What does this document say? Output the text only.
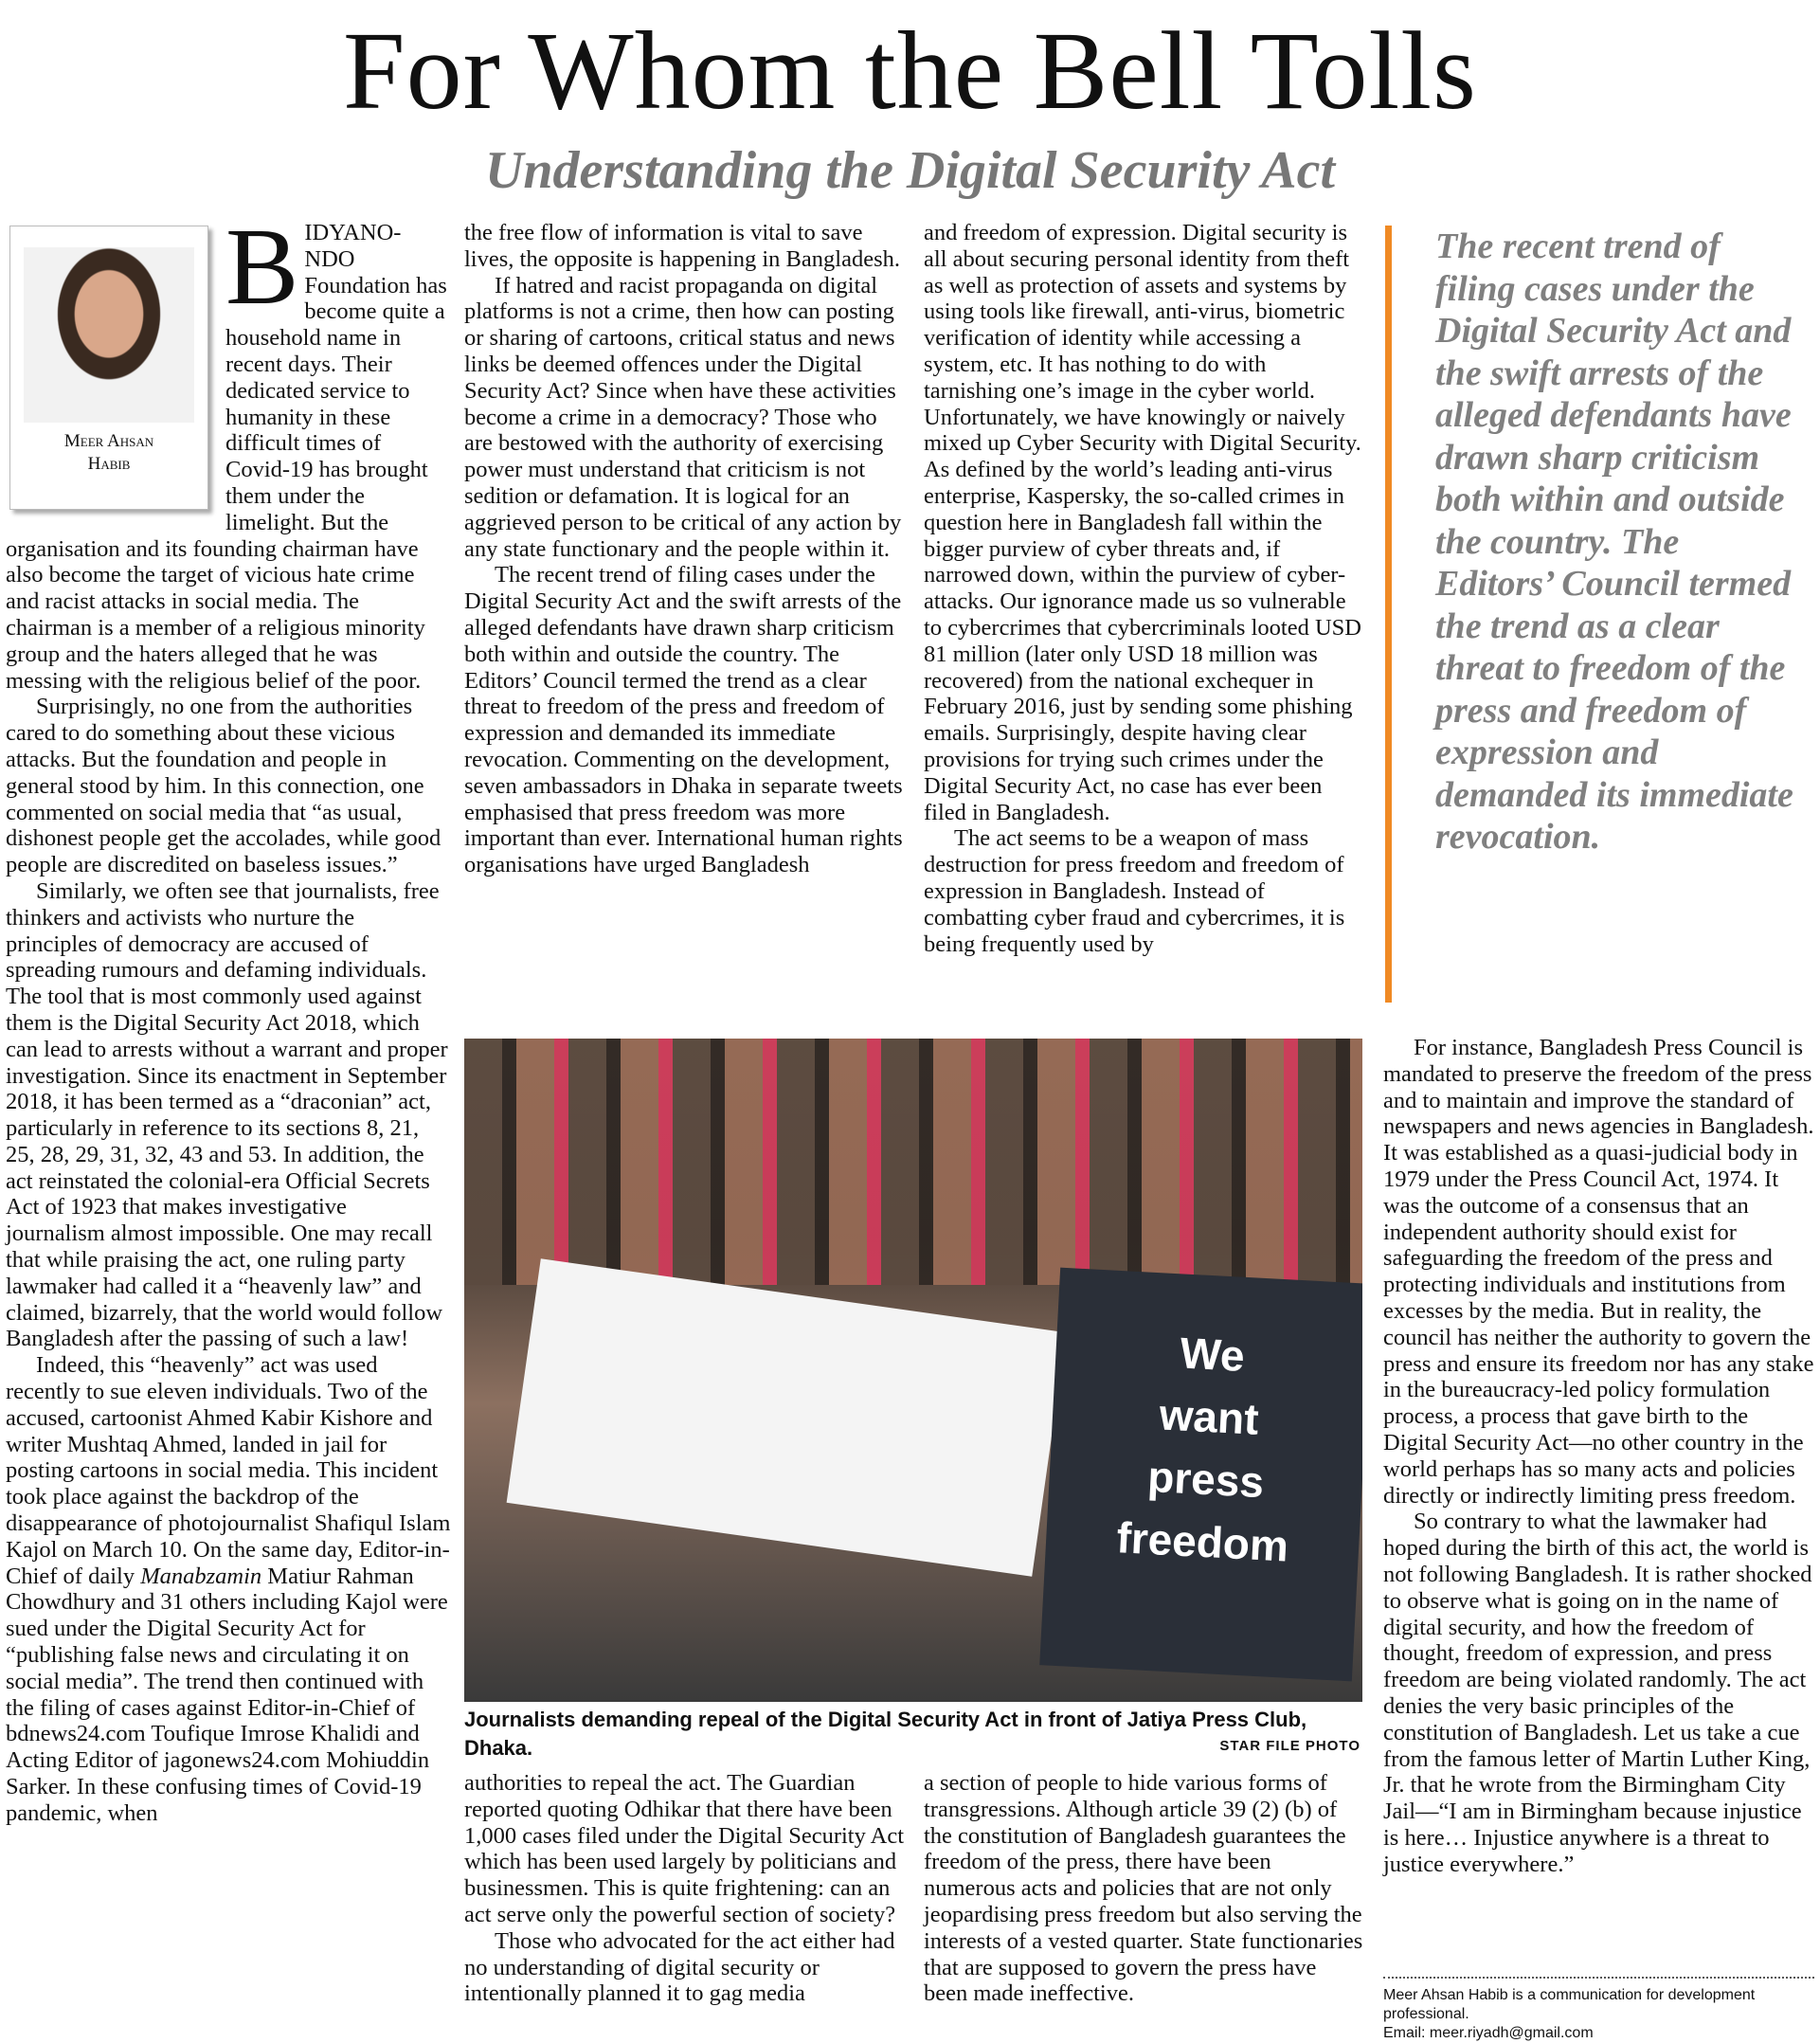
For Whom the Bell Tolls
Understanding the Digital Security Act
Meer Ahsan
Habib

BIDYANO- NDO Foundation has become quite a household name in recent days. Their dedicated service to humanity in these difficult times of Covid-19 has brought them under the limelight. But the organisation and its founding chairman have also become the target of vicious hate crime and racist attacks in social media. The chairman is a member of a religious minority group and the haters alleged that he was messing with the religious belief of the poor.

Surprisingly, no one from the authorities cared to do something about these vicious attacks. But the foundation and people in general stood by him. In this connection, one commented on social media that “as usual, dishonest people get the accolades, while good people are discredited on baseless issues.”

Similarly, we often see that journalists, free thinkers and activists who nurture the principles of democracy are accused of spreading rumours and defaming individuals. The tool that is most commonly used against them is the Digital Security Act 2018, which can lead to arrests without a warrant and proper investigation. Since its enactment in September 2018, it has been termed as a “draconian” act, particularly in reference to its sections 8, 21, 25, 28, 29, 31, 32, 43 and 53. In addition, the act reinstated the colonial-era Official Secrets Act of 1923 that makes investigative journalism almost impossible. One may recall that while praising the act, one ruling party lawmaker had called it a “heavenly law” and claimed, bizarrely, that the world would follow Bangladesh after the passing of such a law!

Indeed, this “heavenly” act was used recently to sue eleven individuals. Two of the accused, cartoonist Ahmed Kabir Kishore and writer Mushtaq Ahmed, landed in jail for posting cartoons in social media. This incident took place against the backdrop of the disappearance of photojournalist Shafiqul Islam Kajol on March 10. On the same day, Editor-in-Chief of daily Manabzamin Matiur Rahman Chowdhury and 31 others including Kajol were sued under the Digital Security Act for “publishing false news and circulating it on social media”. The trend then continued with the filing of cases against Editor-in-Chief of bdnews24.com Toufique Imrose Khalidi and Acting Editor of jagonews24.com Mohiuddin Sarker. In these confusing times of Covid-19 pandemic, when

the free flow of information is vital to save lives, the opposite is happening in Bangladesh.

If hatred and racist propaganda on digital platforms is not a crime, then how can posting or sharing of cartoons, critical status and news links be deemed offences under the Digital Security Act? Since when have these activities become a crime in a democracy? Those who are bestowed with the authority of exercising power must understand that criticism is not sedition or defamation. It is logical for an aggrieved person to be critical of any action by any state functionary and the people within it.

The recent trend of filing cases under the Digital Security Act and the swift arrests of the alleged defendants have drawn sharp criticism both within and outside the country. The Editors’ Council termed the trend as a clear threat to freedom of the press and freedom of expression and demanded its immediate revocation. Commenting on the development, seven ambassadors in Dhaka in separate tweets emphasised that press freedom was more important than ever. International human rights organisations have urged Bangladesh

and freedom of expression. Digital security is all about securing personal identity from theft as well as protection of assets and systems by using tools like firewall, anti-virus, biometric verification of identity while accessing a system, etc. It has nothing to do with tarnishing one’s image in the cyber world. Unfortunately, we have knowingly or naively mixed up Cyber Security with Digital Security. As defined by the world’s leading anti-virus enterprise, Kaspersky, the so-called crimes in question here in Bangladesh fall within the bigger purview of cyber threats and, if narrowed down, within the purview of cyber-attacks. Our ignorance made us so vulnerable to cybercrimes that cybercriminals looted USD 81 million (later only USD 18 million was recovered) from the national exchequer in February 2016, just by sending some phishing emails. Surprisingly, despite having clear provisions for trying such crimes under the Digital Security Act, no case has ever been filed in Bangladesh.

The act seems to be a weapon of mass destruction for press freedom and freedom of expression in Bangladesh. Instead of combatting cyber fraud and cybercrimes, it is being frequently used by

The recent trend of filing cases under the Digital Security Act and the swift arrests of the alleged defendants have drawn sharp criticism both within and outside the country. The Editors’ Council termed the trend as a clear threat to freedom of the press and freedom of expression and demanded its immediate revocation.
We
want
press
freedom
Journalists demanding repeal of the Digital Security Act in front of Jatiya Press Club, Dhaka.	STAR FILE PHOTO

authorities to repeal the act. The Guardian reported quoting Odhikar that there have been 1,000 cases filed under the Digital Security Act which has been used largely by politicians and businessmen. This is quite frightening: can an act serve only the powerful section of society?

Those who advocated for the act either had no understanding of digital security or intentionally planned it to gag media

a section of people to hide various forms of transgressions. Although article 39 (2) (b) of the constitution of Bangladesh guarantees the freedom of the press, there have been numerous acts and policies that are not only jeopardising press freedom but also serving the interests of a vested quarter. State functionaries that are supposed to govern the press have been made ineffective.

For instance, Bangladesh Press Council is mandated to preserve the freedom of the press and to maintain and improve the standard of newspapers and news agencies in Bangladesh. It was established as a quasi-judicial body in 1979 under the Press Council Act, 1974. It was the outcome of a consensus that an independent authority should exist for safeguarding the freedom of the press and protecting individuals and institutions from excesses by the media. But in reality, the council has neither the authority to govern the press and ensure its freedom nor has any stake in the bureaucracy-led policy formulation process, a process that gave birth to the Digital Security Act—no other country in the world perhaps has so many acts and policies directly or indirectly limiting press freedom.

So contrary to what the lawmaker had hoped during the birth of this act, the world is not following Bangladesh. It is rather shocked to observe what is going on in the name of digital security, and how the freedom of thought, freedom of expression, and press freedom are being violated randomly. The act denies the very basic principles of the constitution of Bangladesh. Let us take a cue from the famous letter of Martin Luther King, Jr. that he wrote from the Birmingham City Jail—“I am in Birmingham because injustice is here… Injustice anywhere is a threat to justice everywhere.”

Meer Ahsan Habib is a communication for development professional.
Email: meer.riyadh@gmail.com
